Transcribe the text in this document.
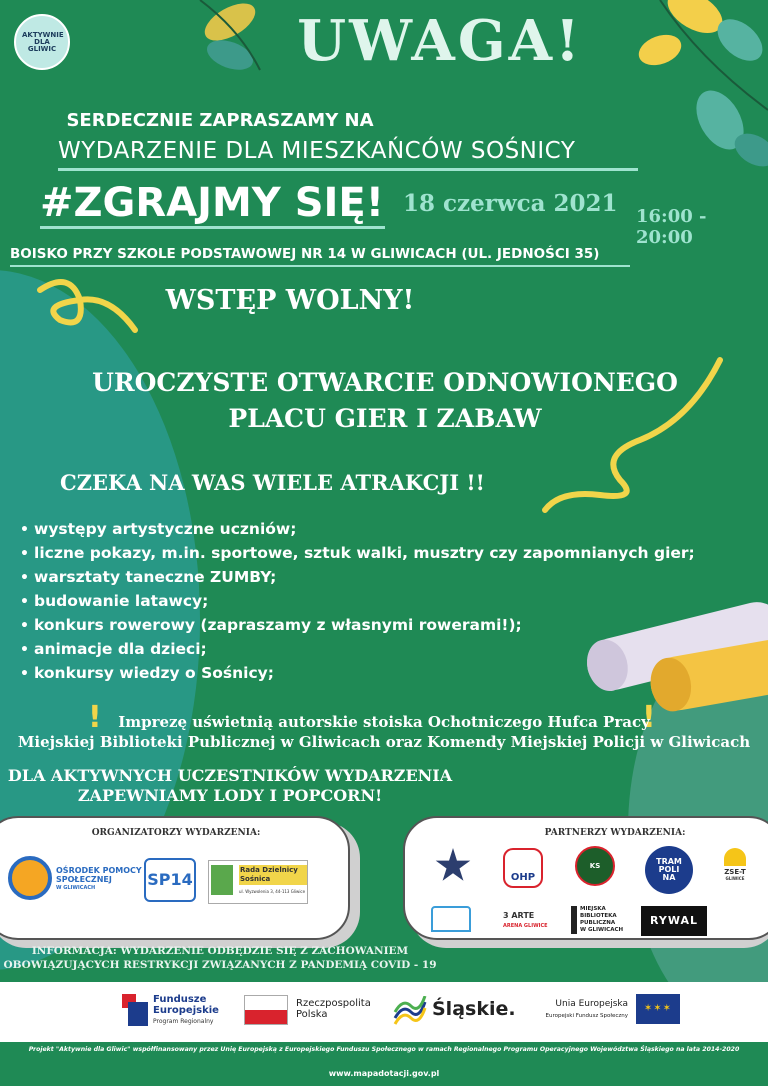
AKTYWNIE DLA GLIWIC	UWAGA!
SERDECZNIE ZAPRASZAMY NA
WYDARZENIE DLA MIESZKAŃCÓW SOŚNICY
#ZGRAJMY SIĘ! 18 czerwca 2021 16:00 - 20:00
BOISKO PRZY SZKOLE PODSTAWOWEJ NR 14 W GLIWICACH (UL. JEDNOŚCI 35)
WSTĘP WOLNY!
UROCZYSTE OTWARCIE ODNOWIONEGO
PLACU GIER I ZABAW
CZEKA NA WAS WIELE ATRAKCJI !!
• występy artystyczne uczniów;
• liczne pokazy, m.in. sportowe, sztuk walki, musztry czy zapomnianych gier;
• warsztaty taneczne ZUMBY;
• budowanie latawcy;
• konkurs rowerowy (zapraszamy z własnymi rowerami!);
• animacje dla dzieci;
• konkursy wiedzy o Sośnicy;
!	!
Imprezę uświetnią autorskie stoiska Ochotniczego Hufca Pracy
Miejskiej Biblioteki Publicznej w Gliwicach oraz Komendy Miejskiej Policji w Gliwicach
DLA AKTYWNYCH UCZESTNIKÓW WYDARZENIA
ZAPEWNIAMY LODY I POPCORN!
ORGANIZATORZY WYDARZENIA:
OŚRODEK POMOCY
SPOŁECZNEJ
W GLIWICACH	SP14	Rada Dzielnicy
Sośnica
ul. Wyzwolenia 3, 44-113 Gliwice
PARTNERZY WYDARZENIA:
OHP
KS	TRAM
POLI
NA
ZSE-T
GLIWICE
3 ARTE
ARENA GLIWICE
MIEJSKA
BIBLIOTEKA
PUBLICZNA
W GLIWICACH
RYWAL
INFORMACJA: WYDARZENIE ODBĘDZIE SIĘ Z ZACHOWANIEM
OBOWIĄZUJĄCYCH RESTRYKCJI ZWIĄZANYCH Z PANDEMIĄ COVID - 19
Fundusze
Europejskie
Program Regionalny
Rzeczpospolita
Polska	Śląskie.	Unia Europejska
Europejski Fundusz Społeczny
✶✶✶
Projekt "Aktywnie dla Gliwic" współfinansowany przez Unię Europejską z Europejskiego Funduszu Społecznego w ramach Regionalnego Programu Operacyjnego Województwa Śląskiego na lata 2014-2020
www.mapadotacji.gov.pl
